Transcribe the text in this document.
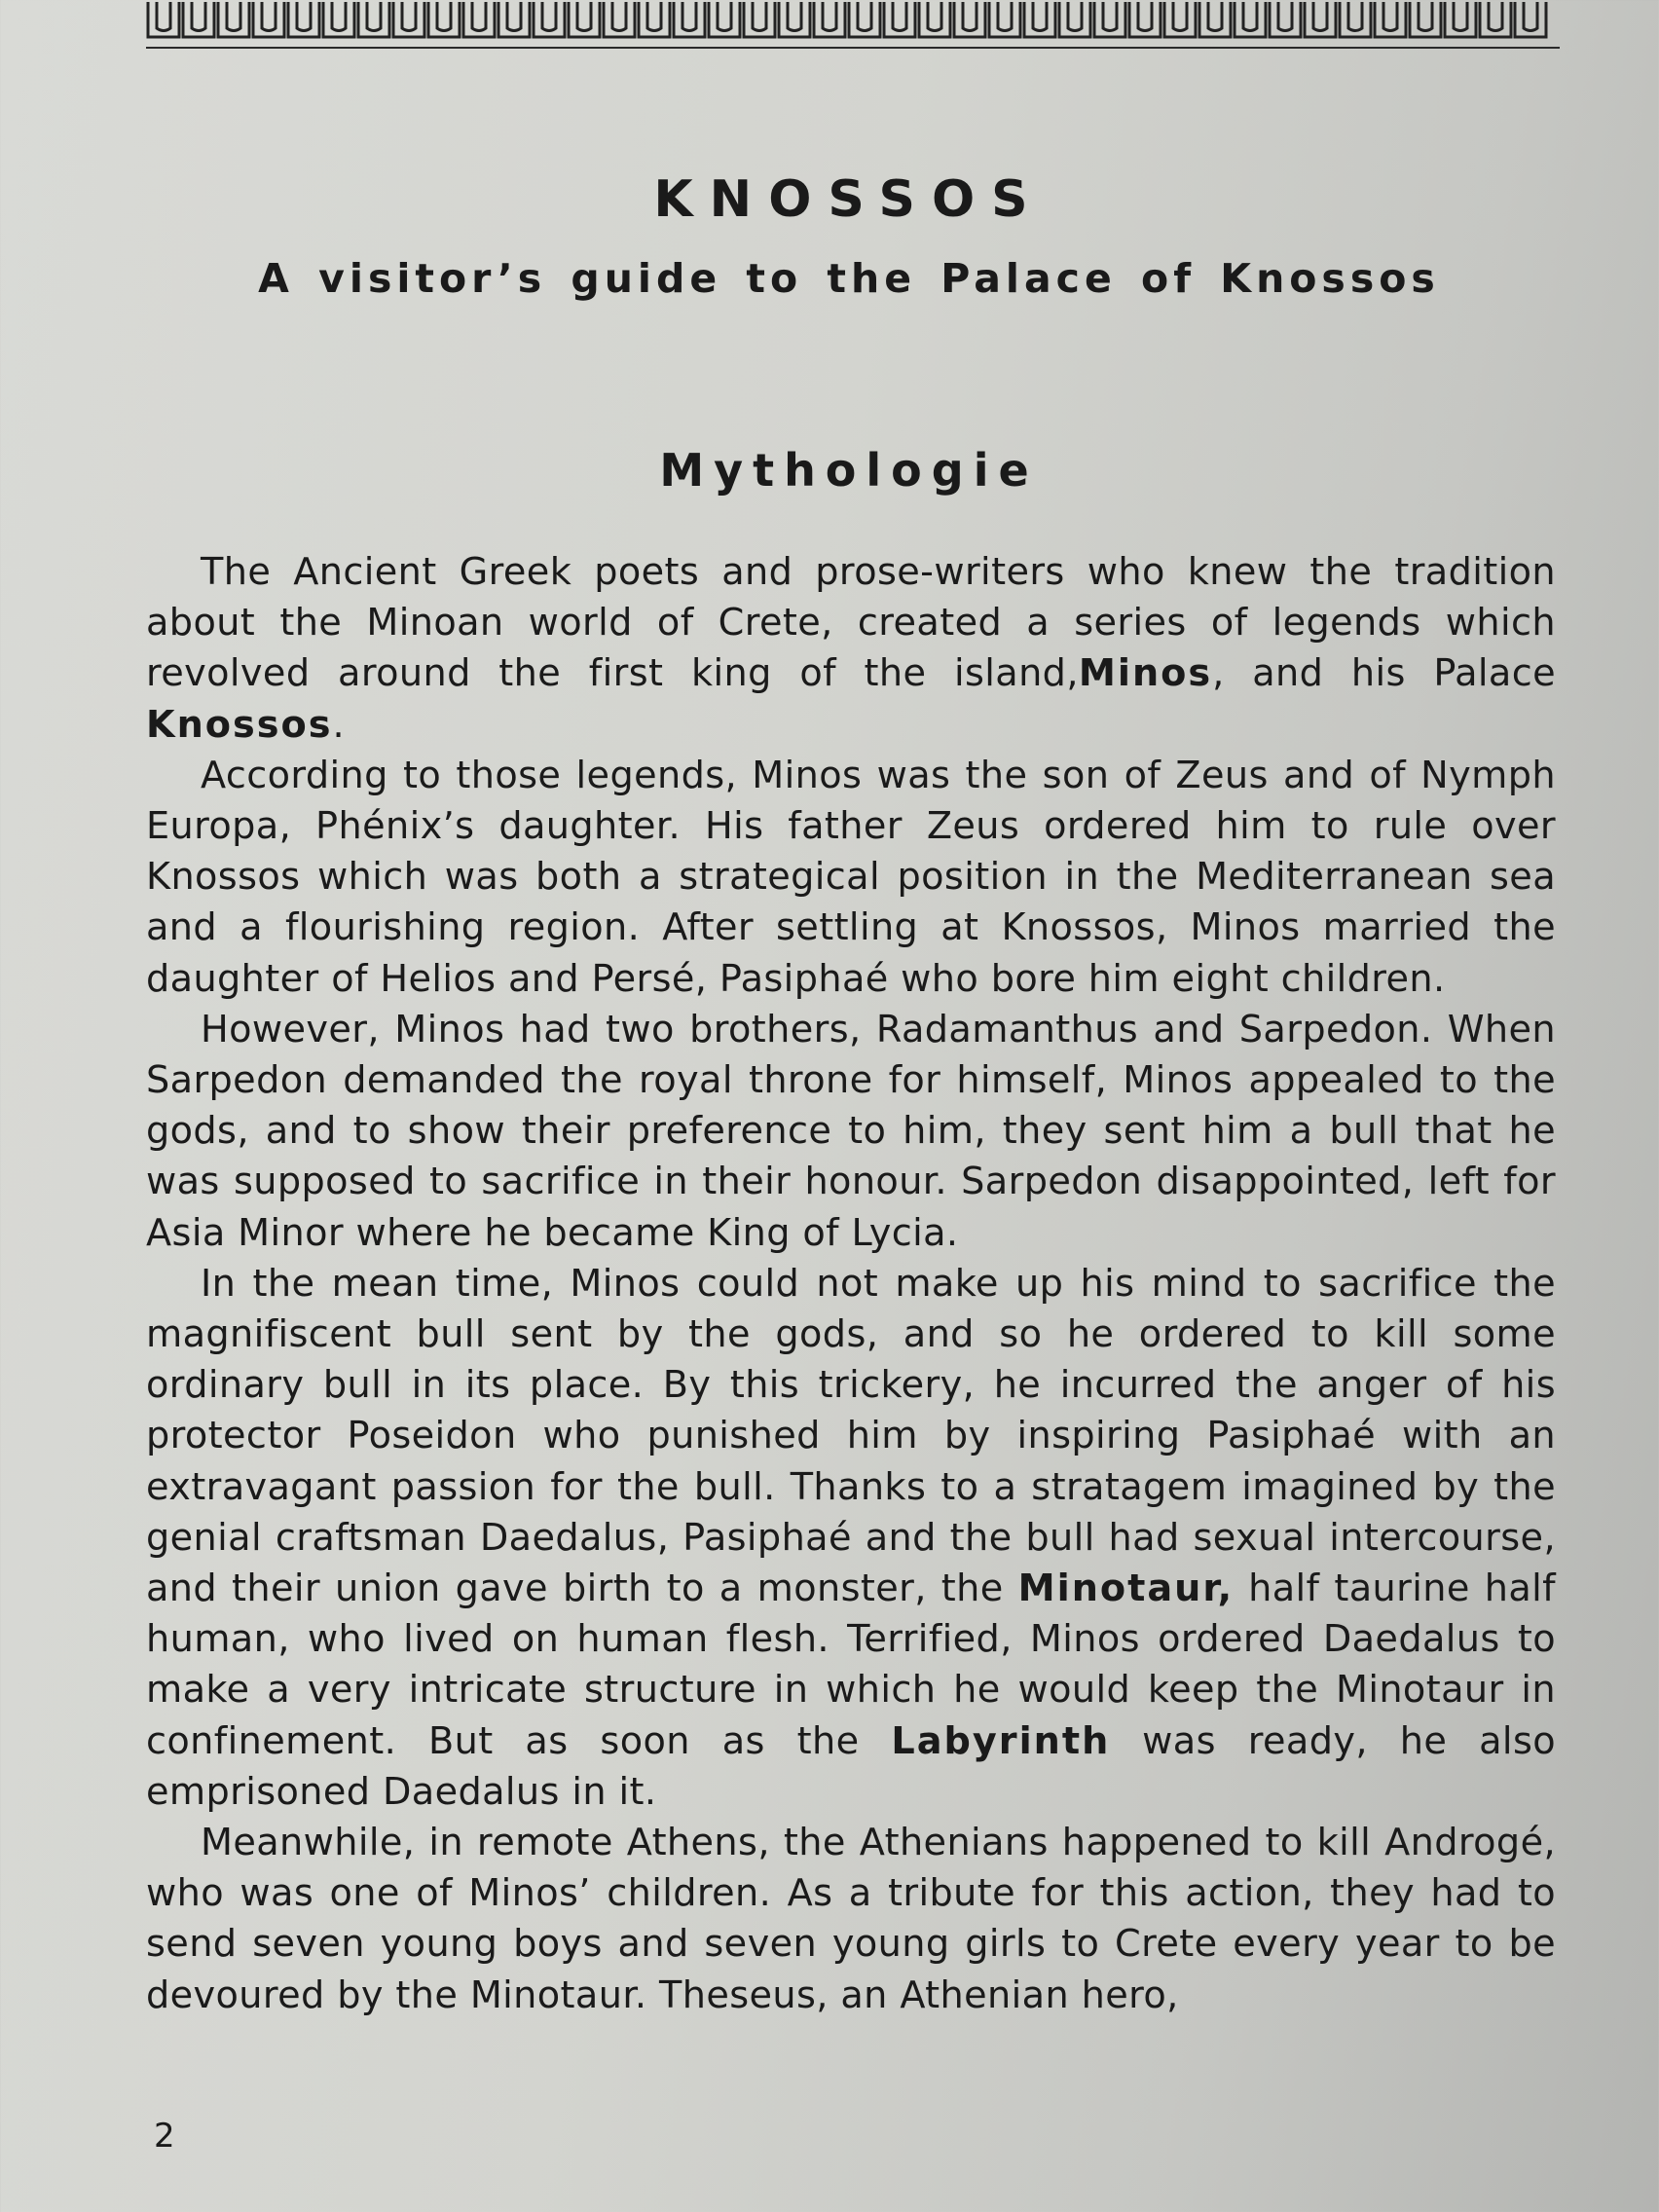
KNOSSOS
A visitor’s guide to the Palace of Knossos
Mythologie

The Ancient Greek poets and prose-writers who knew the tradition about the Minoan world of Crete, created a series of legends which revolved around the first king of the island,Minos, and his Palace Knossos.

According to those legends, Minos was the son of Zeus and of Nymph Europa, Phénix’s daughter. His father Zeus ordered him to rule over Knossos which was both a strategical position in the Mediterranean sea and a flourishing region. After settling at Knossos, Minos married the daughter of Helios and Persé, Pasiphaé who bore him eight children.

However, Minos had two brothers, Radamanthus and Sarpedon. When Sarpedon demanded the royal throne for himself, Minos appealed to the gods, and to show their preference to him, they sent him a bull that he was supposed to sacrifice in their honour. Sarpedon disappointed, left for Asia Minor where he became King of Lycia.

In the mean time, Minos could not make up his mind to sacrifice the magnifiscent bull sent by the gods, and so he ordered to kill some ordinary bull in its place. By this trickery, he incurred the anger of his protector Poseidon who punished him by inspiring Pasiphaé with an extravagant passion for the bull. Thanks to a stratagem imagined by the genial craftsman Daedalus, Pasiphaé and the bull had sexual intercourse, and their union gave birth to a monster, the Minotaur, half taurine half human, who lived on human flesh. Terrified, Minos ordered Daedalus to make a very intricate structure in which he would keep the Minotaur in confinement. But as soon as the Labyrinth was ready, he also emprisoned Daedalus in it.

Meanwhile, in remote Athens, the Athenians happened to kill Androgé, who was one of Minos’ children. As a tribute for this action, they had to send seven young boys and seven young girls to Crete every year to be devoured by the Minotaur. Theseus, an Athenian hero,

2
